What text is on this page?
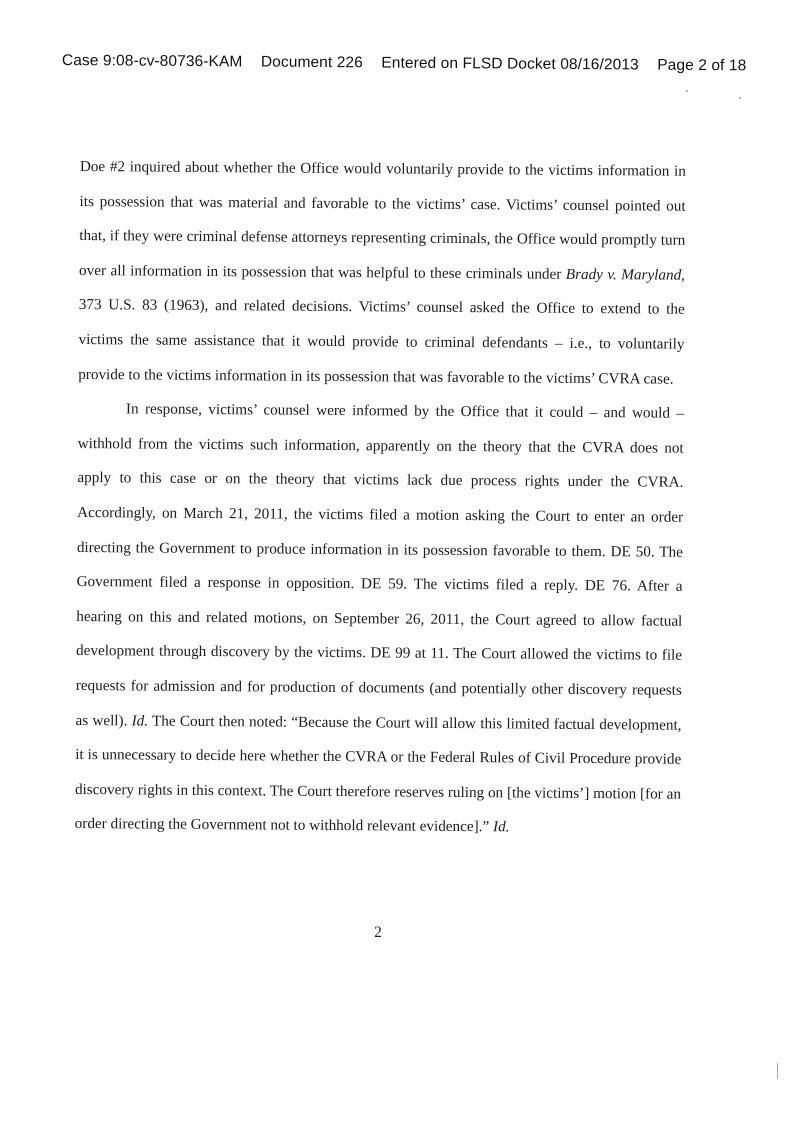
Case 9:08-cv-80736-KAM Document 226 Entered on FLSD Docket 08/16/2013 Page 2 of 18

Doe #2 inquired about whether the Office would voluntarily provide to the victims information in its possession that was material and favorable to the victims’ case. Victims’ counsel pointed out that, if they were criminal defense attorneys representing criminals, the Office would promptly turn over all information in its possession that was helpful to these criminals under Brady v. Maryland, 373 U.S. 83 (1963), and related decisions. Victims’ counsel asked the Office to extend to the victims the same assistance that it would provide to criminal defendants – i.e., to voluntarily provide to the victims information in its possession that was favorable to the victims’ CVRA case.

In response, victims’ counsel were informed by the Office that it could – and would – withhold from the victims such information, apparently on the theory that the CVRA does not apply to this case or on the theory that victims lack due process rights under the CVRA. Accordingly, on March 21, 2011, the victims filed a motion asking the Court to enter an order directing the Government to produce information in its possession favorable to them. DE 50. The Government filed a response in opposition. DE 59. The victims filed a reply. DE 76. After a hearing on this and related motions, on September 26, 2011, the Court agreed to allow factual development through discovery by the victims. DE 99 at 11. The Court allowed the victims to file requests for admission and for production of documents (and potentially other discovery requests as well). Id. The Court then noted: “Because the Court will allow this limited factual development, it is unnecessary to decide here whether the CVRA or the Federal Rules of Civil Procedure provide discovery rights in this context. The Court therefore reserves ruling on [the victims’] motion [for an order directing the Government not to withhold relevant evidence].” Id.

2
